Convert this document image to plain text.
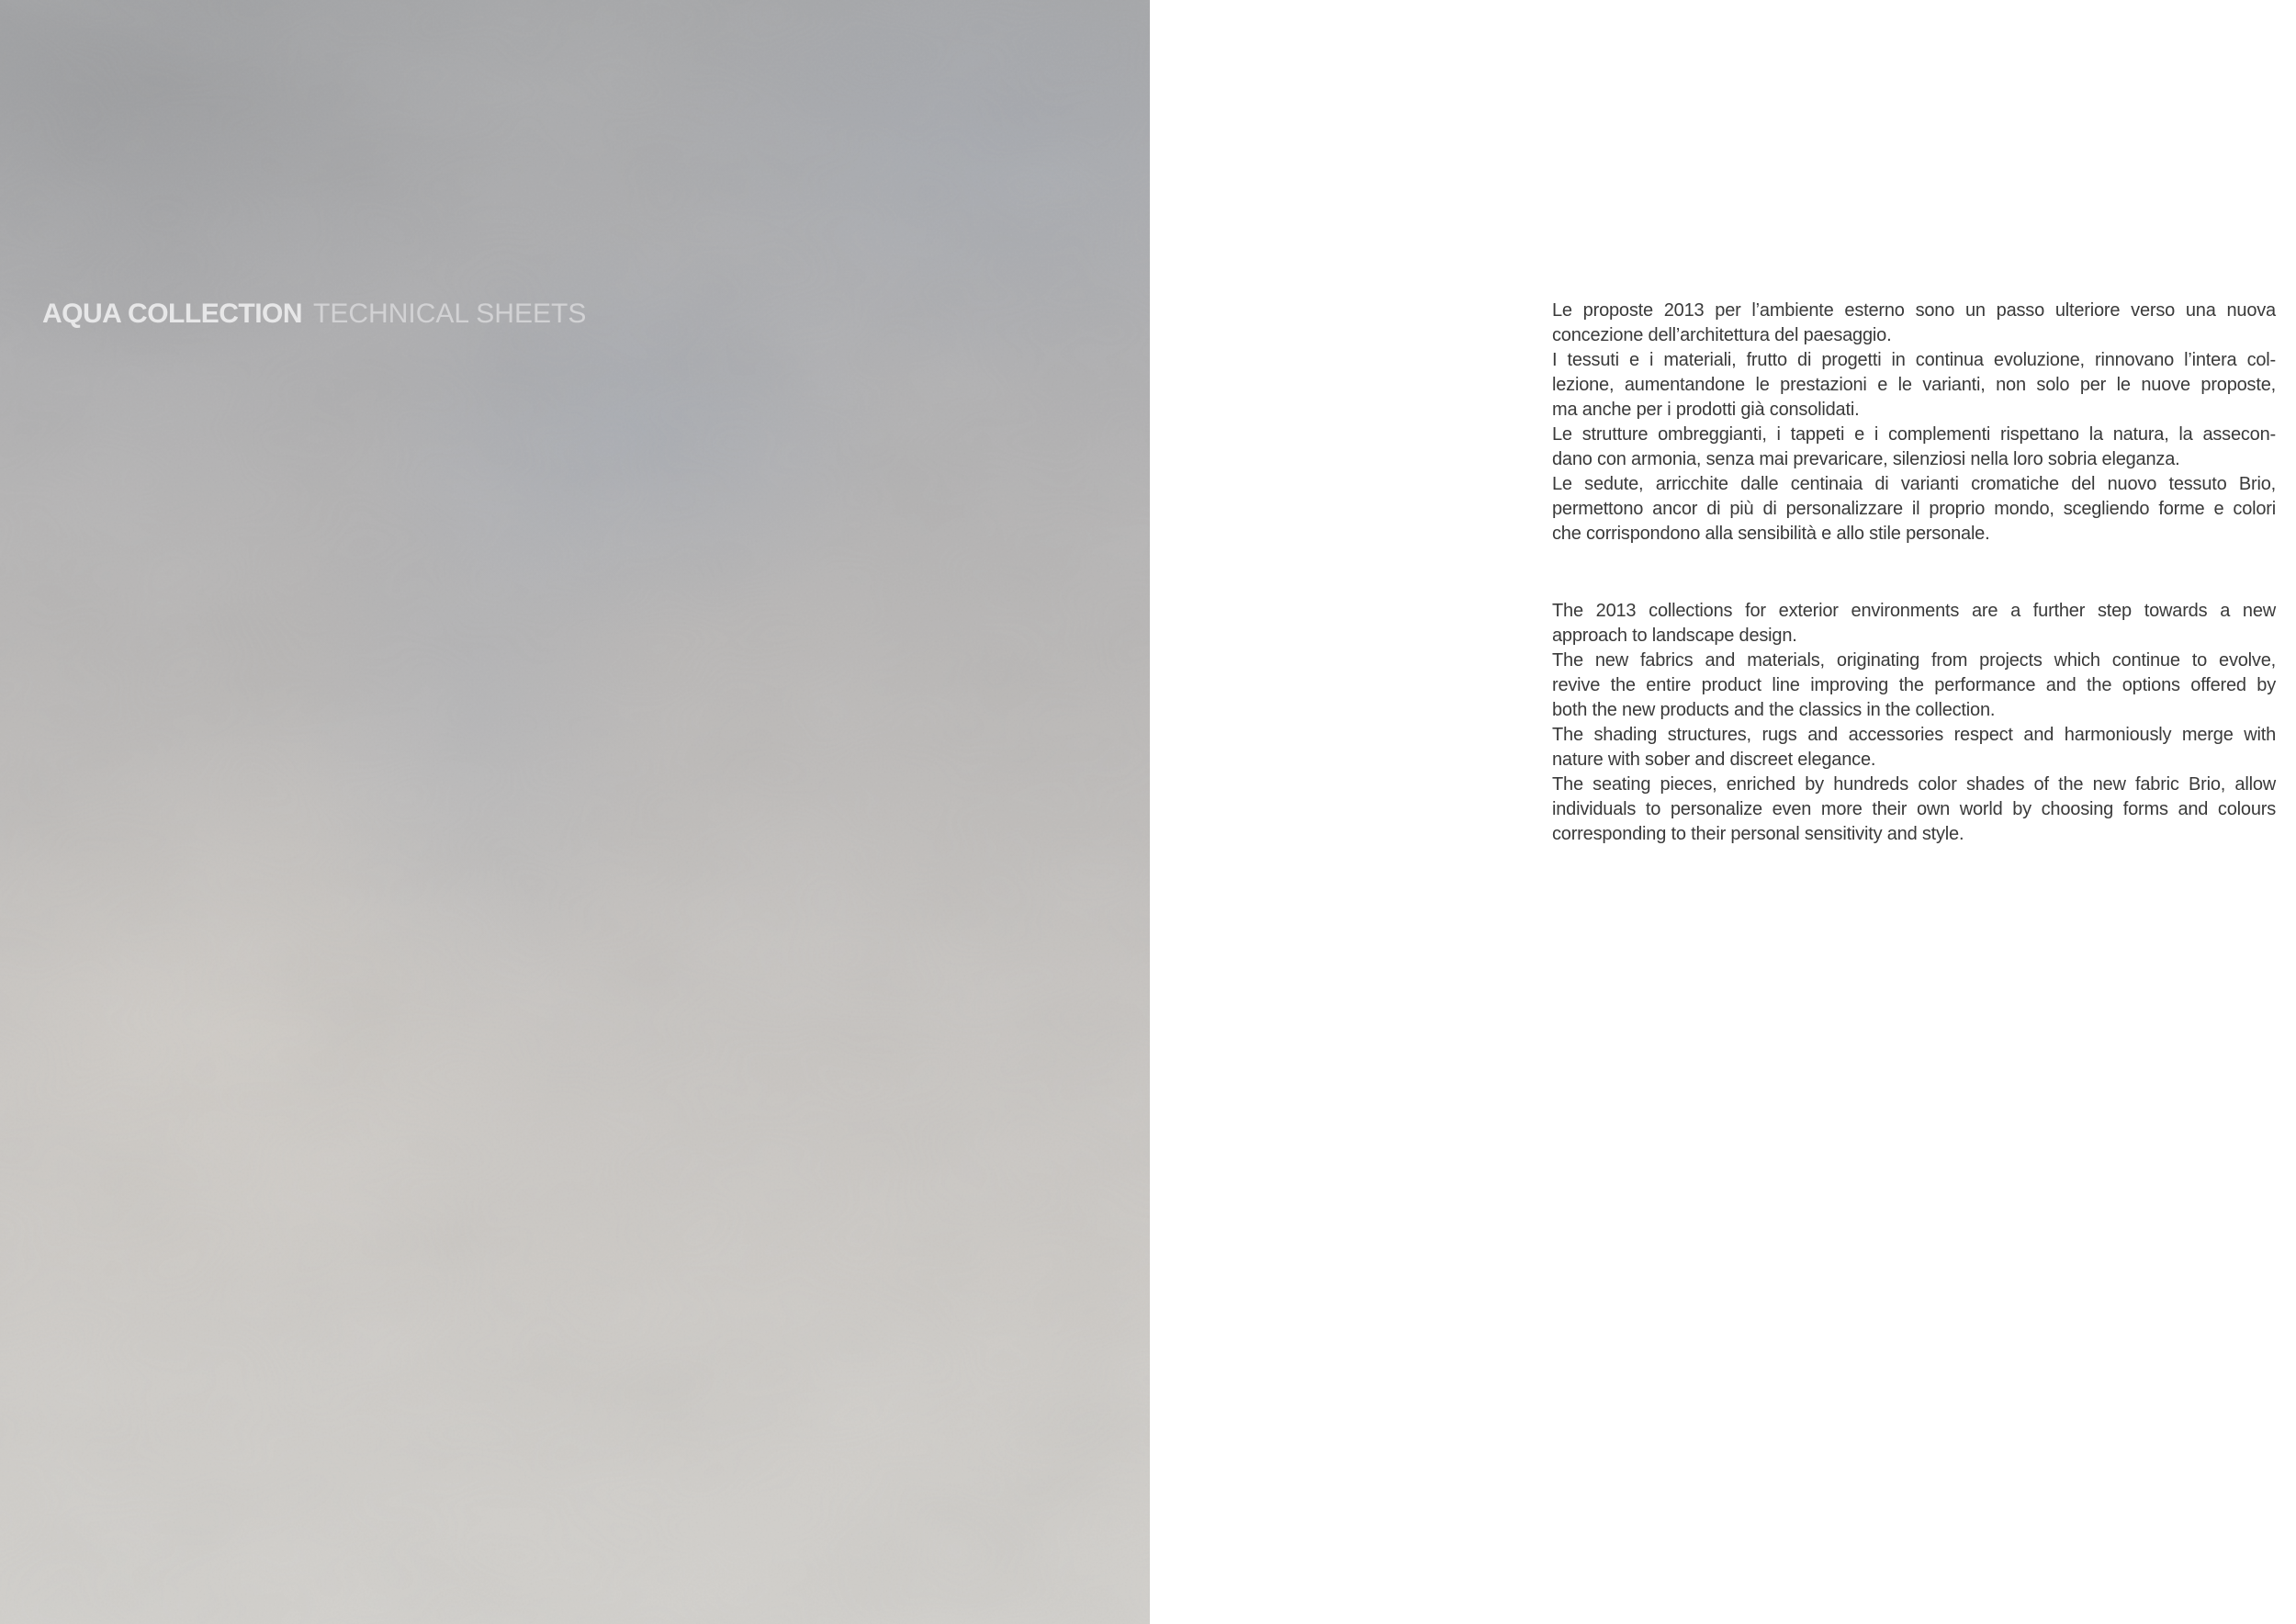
AQUA COLLECTION TECHNICAL SHEETS	Le proposte 2013 per l’ambiente esterno sono un passo ulteriore verso una nuova
concezione dell’architettura del paesaggio.

I tessuti e i materiali, frutto di progetti in continua evoluzione, rinnovano l’intera col-
lezione, aumentandone le prestazioni e le varianti, non solo per le nuove proposte,
ma anche per i prodotti già consolidati.

Le strutture ombreggianti, i tappeti e i complementi rispettano la natura, la assecon-
dano con armonia, senza mai prevaricare, silenziosi nella loro sobria eleganza.

Le sedute, arricchite dalle centinaia di varianti cromatiche del nuovo tessuto Brio,
permettono ancor di più di personalizzare il proprio mondo, scegliendo forme e colori
che corrispondono alla sensibilità e allo stile personale.

The 2013 collections for exterior environments are a further step towards a new
approach to landscape design.

The new fabrics and materials, originating from projects which continue to evolve,
revive the entire product line improving the performance and the options offered by
both the new products and the classics in the collection.

The shading structures, rugs and accessories respect and harmoniously merge with
nature with sober and discreet elegance.

The seating pieces, enriched by hundreds color shades of the new fabric Brio, allow
individuals to personalize even more their own world by choosing forms and colours
corresponding to their personal sensitivity and style.
